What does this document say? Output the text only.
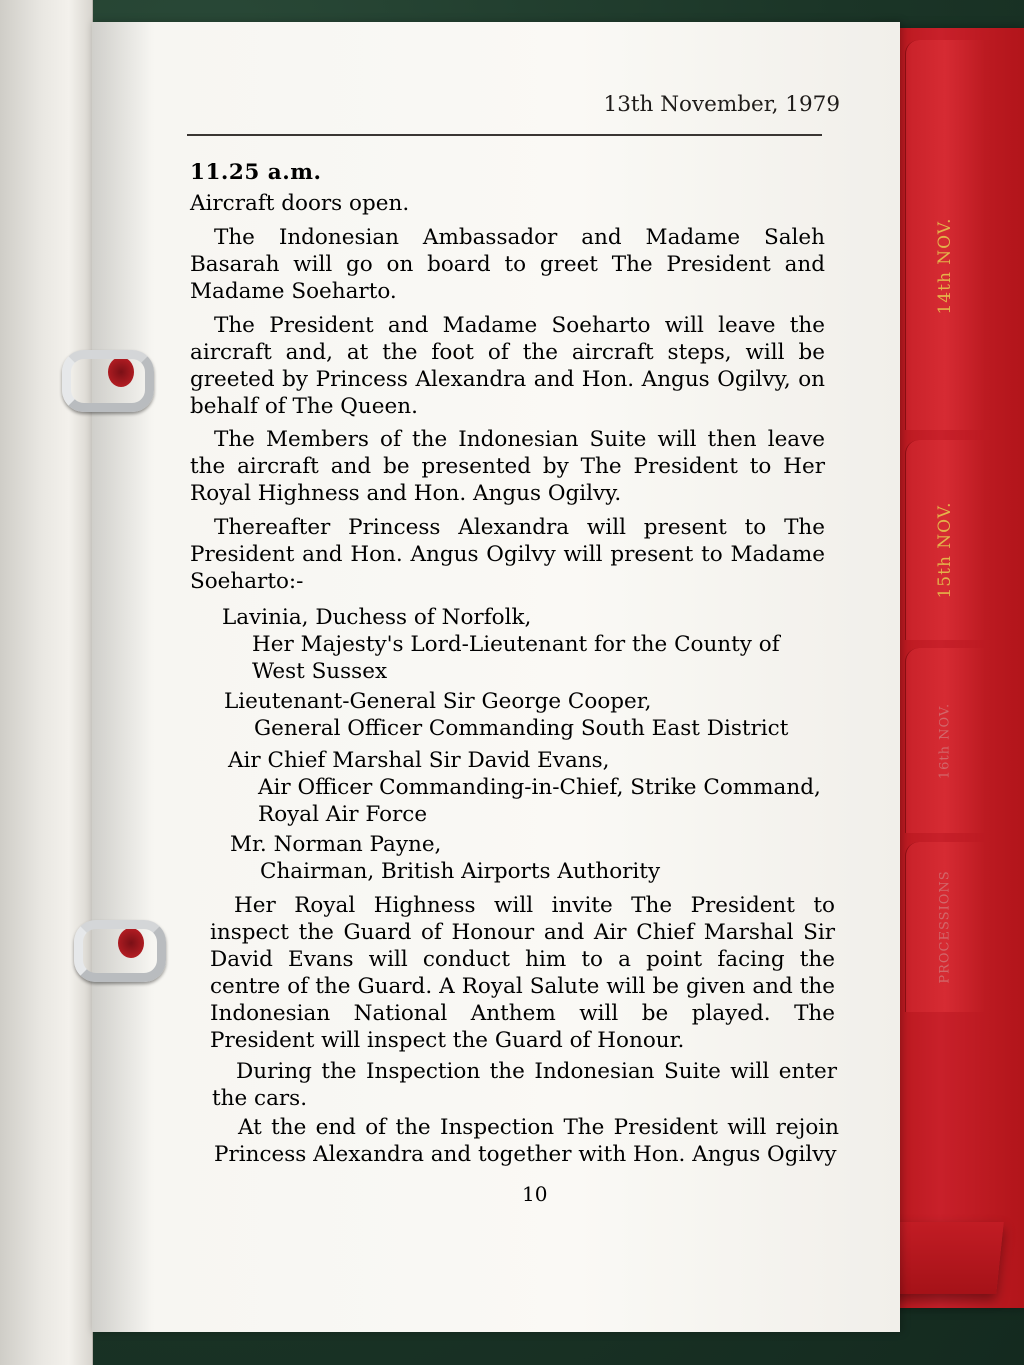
14th NOV.
15th NOV.
16th NOV.
PROCESSIONS
13th November, 1979
11.25 a.m.
Aircraft doors open.
The Indonesian Ambassador and Madame Saleh Basarah will go on board to greet The President and Madame Soeharto.
The President and Madame Soeharto will leave the aircraft and, at the foot of the aircraft steps, will be greeted by Princess Alexandra and Hon. Angus Ogilvy, on behalf of The Queen.
The Members of the Indonesian Suite will then leave the aircraft and be presented by The President to Her Royal Highness and Hon. Angus Ogilvy.
Thereafter Princess Alexandra will present to The President and Hon. Angus Ogilvy will present to Madame Soeharto:-
Lavinia, Duchess of Norfolk,
Her Majesty's Lord-Lieutenant for the County of West Sussex
Lieutenant-General Sir George Cooper,
General Officer Commanding South East District
Air Chief Marshal Sir David Evans,
Air Officer Commanding-in-Chief, Strike Command, Royal Air Force
Mr. Norman Payne,
Chairman, British Airports Authority
Her Royal Highness will invite The President to inspect the Guard of Honour and Air Chief Marshal Sir David Evans will conduct him to a point facing the centre of the Guard. A Royal Salute will be given and the Indonesian National Anthem will be played. The President will inspect the Guard of Honour.
During the Inspection the Indonesian Suite will enter the cars.
At the end of the Inspection The President will rejoin Princess Alexandra and together with Hon. Angus Ogilvy
10
